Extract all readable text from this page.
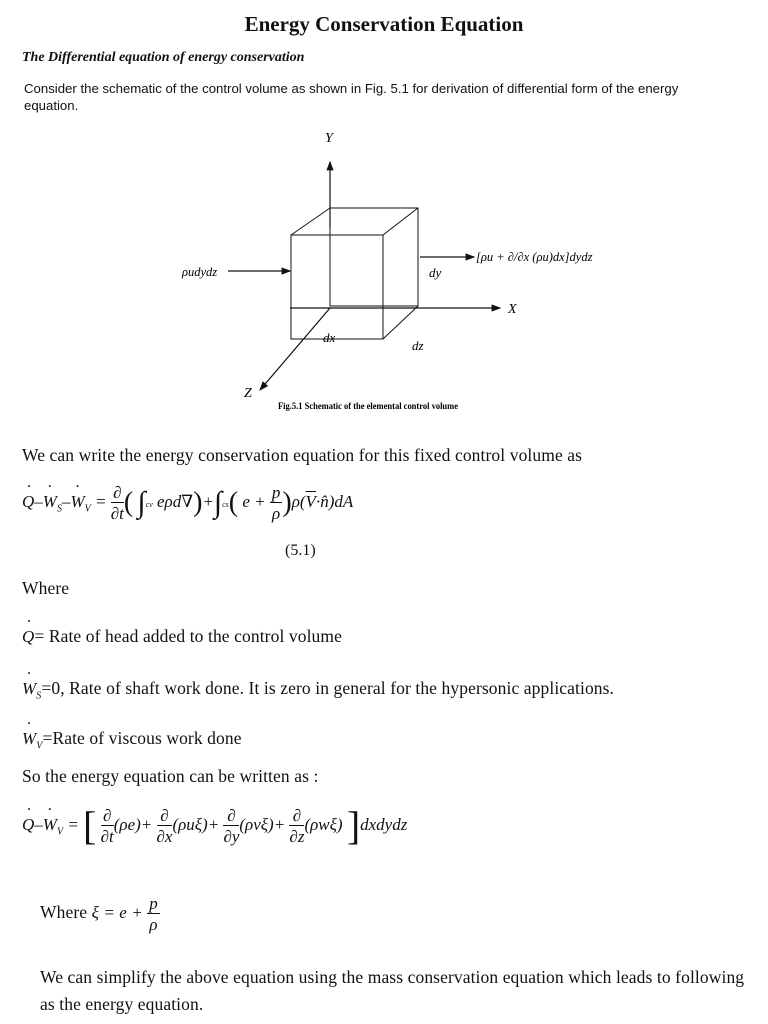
Energy Conservation Equation
The Differential equation of energy conservation
Consider the schematic of the control volume as shown in Fig. 5.1 for derivation of differential form of the energy equation.
Y
X
Z
ρudydz
[ρu + ∂/∂x (ρu)dx]dydz
dy
dx
dz
Fig.5.1 Schematic of the elemental control volume
We can write the energy conservation equation for this fixed control volume as
˙ Q–˙ $W_S-˙$ $W_V = \frac{\partial}{\partial t}$ ( ∫cv eρd∇)+∫cs( $e + \frac{p}{\rho}$ )$\rho(\overline{V}\cdot n̂)dA$
(5.1)
Where
˙ Q= Rate of head added to the control volume
˙ $W_S=0$, Rate of shaft work done. It is zero in general for the hypersonic applications.
˙ $W_V=Rate$ of viscous work done
So the energy equation can be written as :
˙ Q–˙ $W_V$ = [ $\frac{\partial}{\partial t} (\rho e)+ \frac{\partial}{\partial x} (\rho u\xi)+ \frac{\partial}{\partial y} (\rho v\xi)+ \frac{\partial}{\partial z} (\rho w\xi)$ ]dxdydz
Where $\xi = e + \frac{p}{\rho}$
We can simplify the above equation using the mass conservation equation which leads to following as the energy equation.
